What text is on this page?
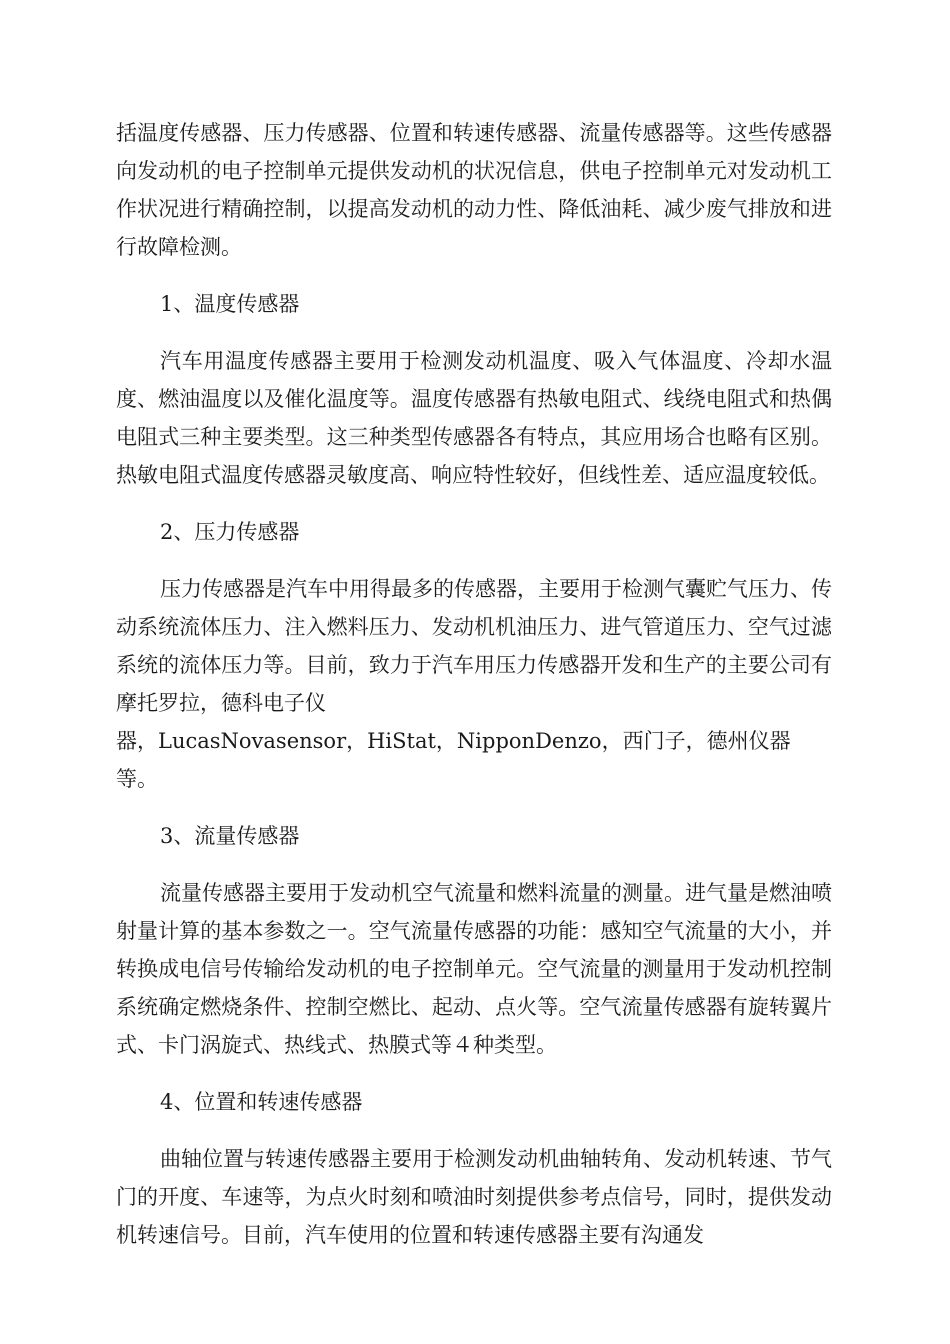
括温度传感器、压力传感器、位置和转速传感器、流量传感器等。这些传感器向发动机的电子控制单元提供发动机的状况信息，供电子控制单元对发动机工作状况进行精确控制，以提高发动机的动力性、降低油耗、减少废气排放和进行故障检测。

1、温度传感器

汽车用温度传感器主要用于检测发动机温度、吸入气体温度、冷却水温度、燃油温度以及催化温度等。温度传感器有热敏电阻式、线绕电阻式和热偶电阻式三种主要类型。这三种类型传感器各有特点，其应用场合也略有区别。热敏电阻式温度传感器灵敏度高、响应特性较好，但线性差、适应温度较低。

2、压力传感器

压力传感器是汽车中用得最多的传感器，主要用于检测气囊贮气压力、传动系统流体压力、注入燃料压力、发动机机油压力、进气管道压力、空气过滤系统的流体压力等。目前，致力于汽车用压力传感器开发和生产的主要公司有摩托罗拉，德科电子仪
器，LucasNovasensor，HiStat，NipponDenzo，西门子，德州仪器等。

3、流量传感器

流量传感器主要用于发动机空气流量和燃料流量的测量。进气量是燃油喷射量计算的基本参数之一。空气流量传感器的功能：感知空气流量的大小，并转换成电信号传输给发动机的电子控制单元。空气流量的测量用于发动机控制系统确定燃烧条件、控制空燃比、起动、点火等。空气流量传感器有旋转翼片式、卡门涡旋式、热线式、热膜式等４种类型。

4、位置和转速传感器

曲轴位置与转速传感器主要用于检测发动机曲轴转角、发动机转速、节气门的开度、车速等，为点火时刻和喷油时刻提供参考点信号，同时，提供发动机转速信号。目前，汽车使用的位置和转速传感器主要有沟通发
